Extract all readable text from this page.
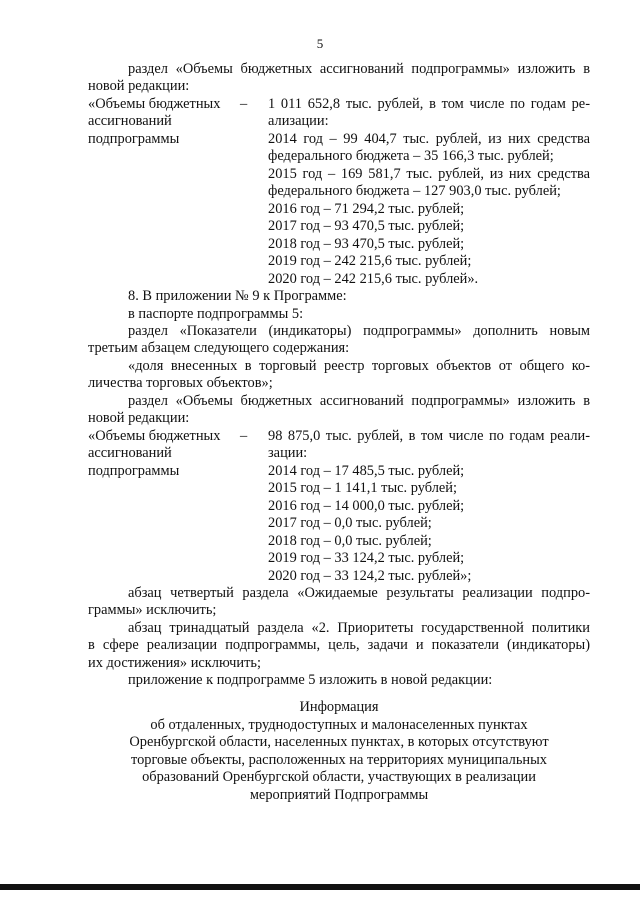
5
раздел «Объемы бюджетных ассигнований подпрограммы» изложить в
новой редакции:
«Объемы бюджетных –
ассигнований
подпрограммы
1 011 652,8 тыс. рублей, в том числе по годам ре-
ализации:
2014 год – 99 404,7 тыс. рублей, из них средства
федерального бюджета – 35 166,3 тыс. рублей;
2015 год – 169 581,7 тыс. рублей, из них средства
федерального бюджета – 127 903,0 тыс. рублей;
2016 год – 71 294,2 тыс. рублей;
2017 год – 93 470,5 тыс. рублей;
2018 год – 93 470,5 тыс. рублей;
2019 год – 242 215,6 тыс. рублей;
2020 год – 242 215,6 тыс. рублей».
8. В приложении № 9 к Программе:
в паспорте подпрограммы 5:
раздел «Показатели (индикаторы) подпрограммы» дополнить новым
третьим абзацем следующего содержания:
«доля внесенных в торговый реестр торговых объектов от общего ко-
личества торговых объектов»;
раздел «Объемы бюджетных ассигнований подпрограммы» изложить в
новой редакции:
«Объемы бюджетных –
ассигнований
подпрограммы
98 875,0 тыс. рублей, в том числе по годам реали-
зации:
2014 год – 17 485,5 тыс. рублей;
2015 год – 1 141,1 тыс. рублей;
2016 год – 14 000,0 тыс. рублей;
2017 год – 0,0 тыс. рублей;
2018 год – 0,0 тыс. рублей;
2019 год – 33 124,2 тыс. рублей;
2020 год – 33 124,2 тыс. рублей»;
абзац четвертый раздела «Ожидаемые результаты реализации подпро-
граммы» исключить;
абзац тринадцатый раздела «2. Приоритеты государственной политики
в сфере реализации подпрограммы, цель, задачи и показатели (индикаторы)
их достижения» исключить;
приложение к подпрограмме 5 изложить в новой редакции:
Информация
об отдаленных, труднодоступных и малонаселенных пунктах
Оренбургской области, населенных пунктах, в которых отсутствуют
торговые объекты, расположенных на территориях муниципальных
образований Оренбургской области, участвующих в реализации
мероприятий Подпрограммы
